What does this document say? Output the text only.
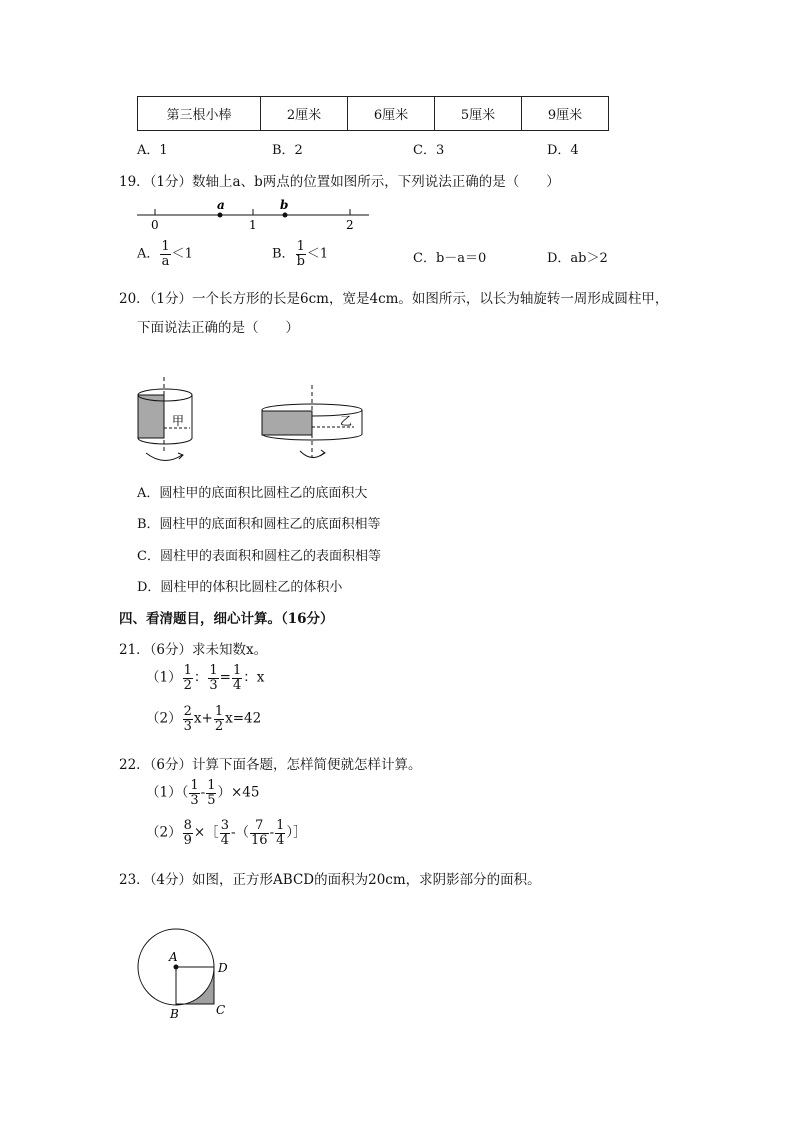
第三根小棒	2厘米	6厘米	5厘米	9厘米
A．1	B．2	C．3	D．4
19．（1分）数轴上a、b两点的位置如图所示，下列说法正确的是（　　）
a	b
0	1	2
A． $\frac{1}{a} <1$	B． $\frac{1}{b} <1$	C．b－a＝0	D．ab＞2
20．（1分）一个长方形的长是6cm，宽是4cm。如图所示，以长为轴旋转一周形成圆柱甲，
下面说法正确的是（　　）
甲	乙
A．圆柱甲的底面积比圆柱乙的底面积大
B．圆柱甲的底面积和圆柱乙的底面积相等
C．圆柱甲的表面积和圆柱乙的表面积相等
D．圆柱甲的体积比圆柱乙的体积小
四、看清题目，细心计算。（16分）
21．（6分）求未知数x。
$(1) \frac{1}{2}$ ： $\frac{1}{3} = \frac{1}{4}$ ：x
$(2) \frac{2}{3} x+ \frac{1}{2} x=42$
22．（6分）计算下面各题，怎样简便就怎样计算。
$(1)( \frac{1}{3} - \frac{1}{5} )\times 45$
$(2) \frac{8}{9}$ ×［ $\frac{3}{4}$ -（ $\frac{7}{16} - \frac{1}{4}$ ）］
23．（4分）如图，正方形ABCD的面积为20cm，求阴影部分的面积。
A
B	C
D
